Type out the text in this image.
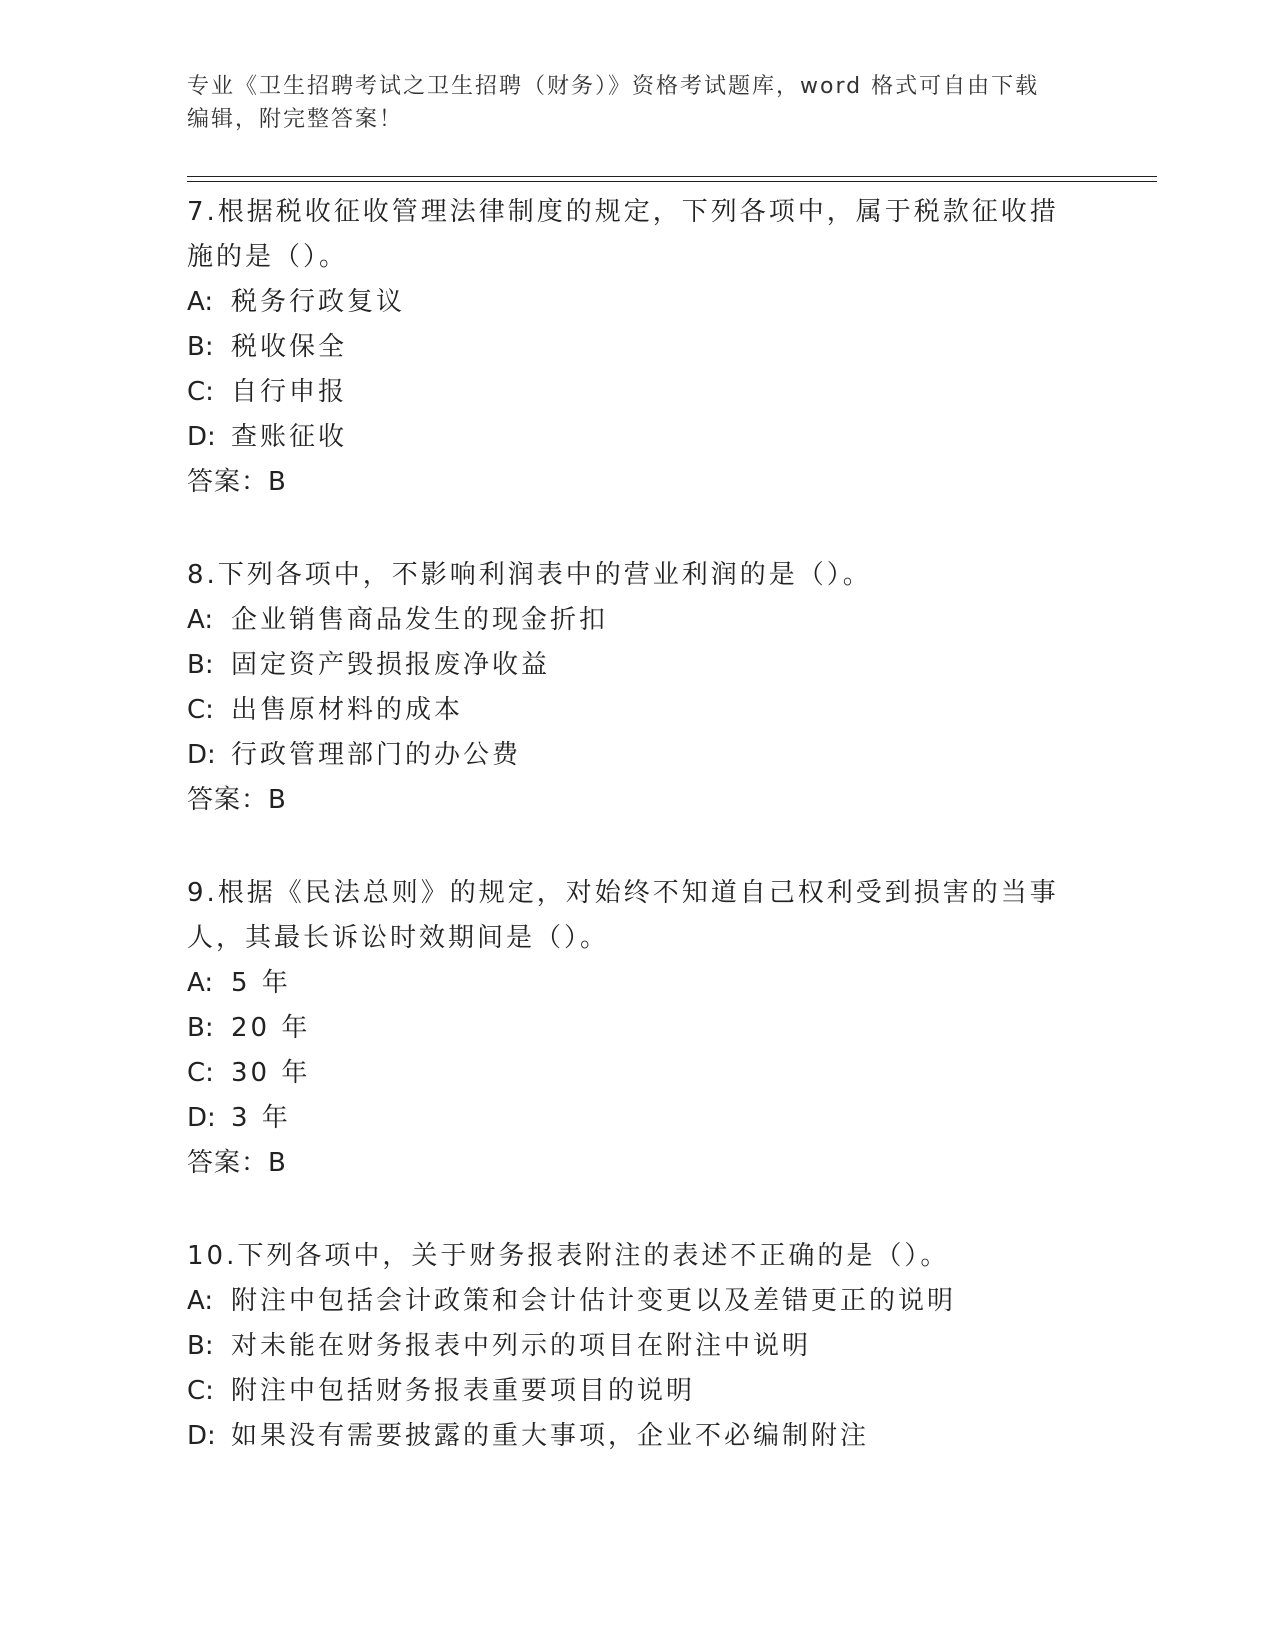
专业《卫生招聘考试之卫生招聘（财务）》资格考试题库，word 格式可自由下载
编辑，附完整答案！

7.根据税收征收管理法律制度的规定，下列各项中，属于税款征收措
施的是（）。

A: 税务行政复议
B: 税收保全
C: 自行申报
D: 查账征收
答案：B

8.下列各项中，不影响利润表中的营业利润的是（）。

A: 企业销售商品发生的现金折扣
B: 固定资产毁损报废净收益
C: 出售原材料的成本
D: 行政管理部门的办公费
答案：B

9.根据《民法总则》的规定，对始终不知道自己权利受到损害的当事
人，其最长诉讼时效期间是（）。

A: 5 年
B: 20 年
C: 30 年
D: 3 年
答案：B

10.下列各项中，关于财务报表附注的表述不正确的是（）。

A: 附注中包括会计政策和会计估计变更以及差错更正的说明
B: 对未能在财务报表中列示的项目在附注中说明
C: 附注中包括财务报表重要项目的说明
D: 如果没有需要披露的重大事项，企业不必编制附注
